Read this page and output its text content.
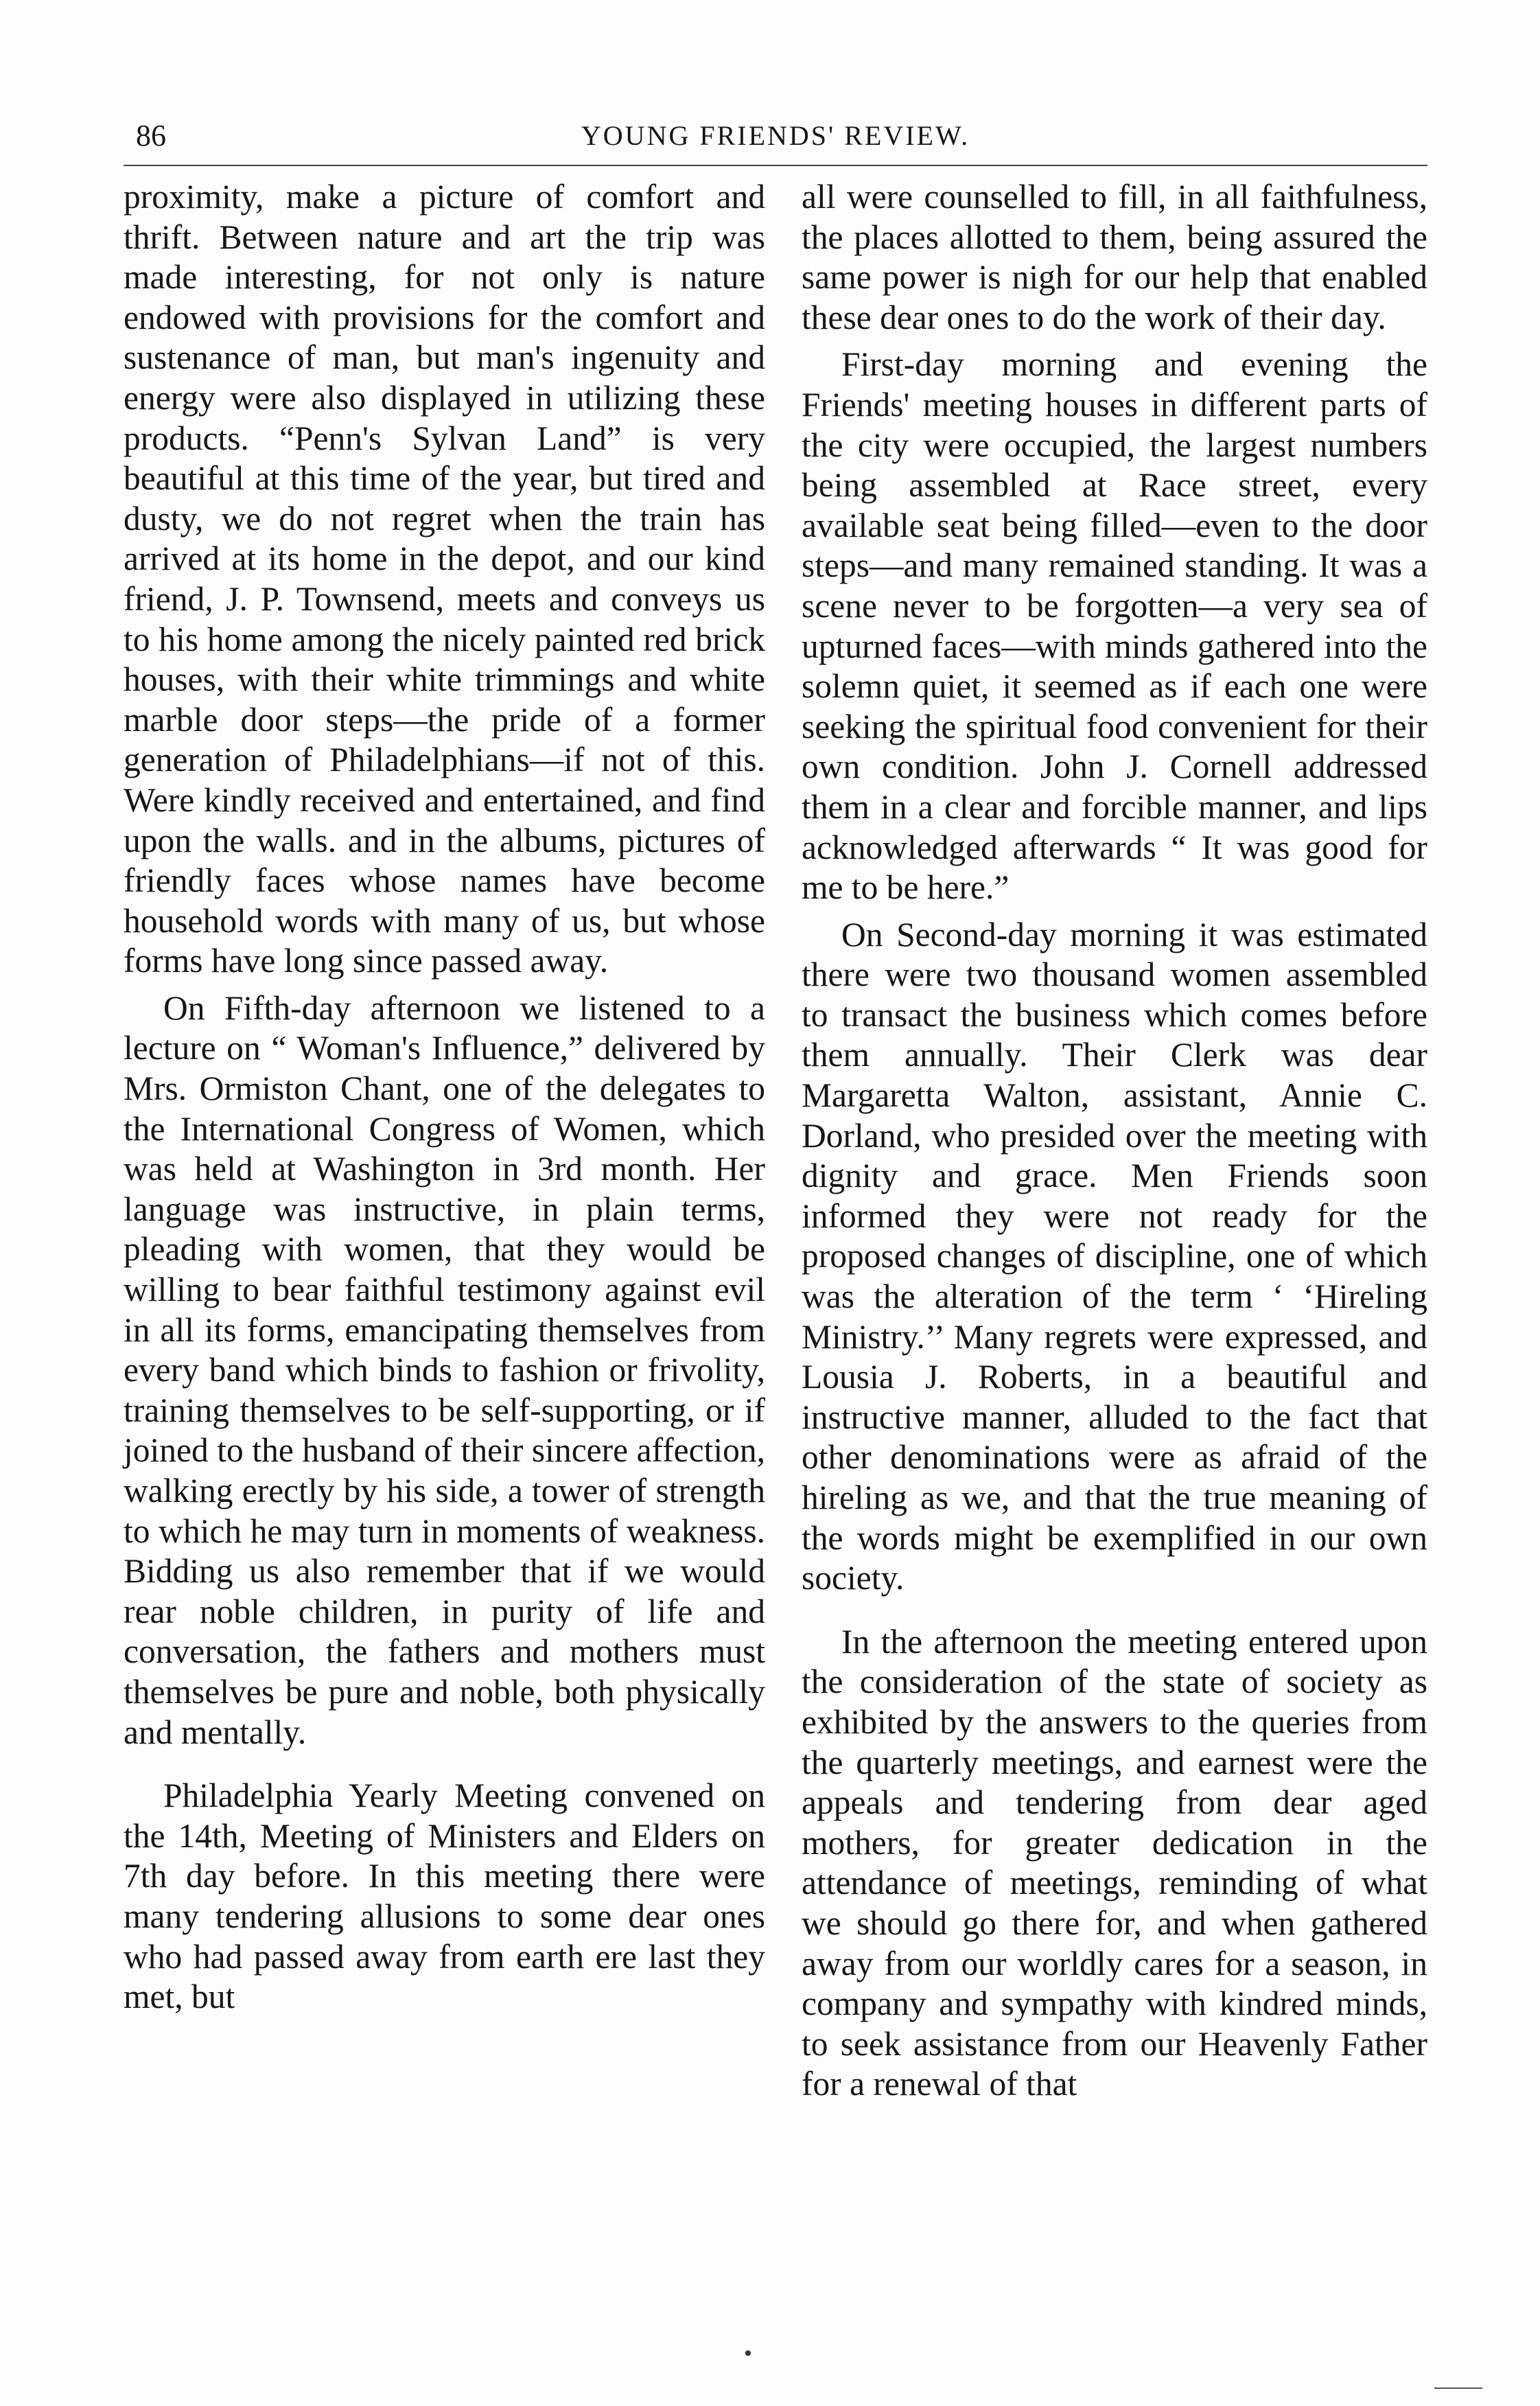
86	YOUNG FRIENDS' REVIEW.

proximity, make a picture of comfort and thrift. Between nature and art the trip was made interesting, for not only is nature endowed with provisions for the comfort and sustenance of man, but man's ingenuity and energy were also displayed in utilizing these products. “Penn's Sylvan Land” is very beautiful at this time of the year, but tired and dusty, we do not regret when the train has arrived at its home in the depot, and our kind friend, J. P. Townsend, meets and conveys us to his home among the nicely painted red brick houses, with their white trimmings and white marble door steps—the pride of a former generation of Philadelphians—if not of this. Were kindly received and entertained, and find upon the walls. and in the albums, pictures of friendly faces whose names have become household words with many of us, but whose forms have long since passed away.

On Fifth-day afternoon we listened to a lecture on “ Woman's Influence,” delivered by Mrs. Ormiston Chant, one of the delegates to the International Congress of Women, which was held at Washington in 3rd month. Her language was instructive, in plain terms, pleading with women, that they would be willing to bear faithful testimony against evil in all its forms, emancipating themselves from every band which binds to fashion or frivolity, training themselves to be self-supporting, or if joined to the husband of their sincere affection, walking erectly by his side, a tower of strength to which he may turn in moments of weakness. Bidding us also remember that if we would rear noble children, in purity of life and conversation, the fathers and mothers must themselves be pure and noble, both physically and mentally.

Philadelphia Yearly Meeting convened on the 14th, Meeting of Ministers and Elders on 7th day before. In this meeting there were many tendering allusions to some dear ones who had passed away from earth ere last they met, but

all were counselled to fill, in all faithfulness, the places allotted to them, being assured the same power is nigh for our help that enabled these dear ones to do the work of their day.

First-day morning and evening the Friends' meeting houses in different parts of the city were occupied, the largest numbers being assembled at Race street, every available seat being filled—even to the door steps—and many remained standing. It was a scene never to be forgotten—a very sea of upturned faces—with minds gathered into the solemn quiet, it seemed as if each one were seeking the spiritual food convenient for their own condition. John J. Cornell addressed them in a clear and forcible manner, and lips acknowledged afterwards “ It was good for me to be here.”

On Second-day morning it was estimated there were two thousand women assembled to transact the business which comes before them annually. Their Clerk was dear Margaretta Walton, assistant, Annie C. Dorland, who presided over the meeting with dignity and grace. Men Friends soon informed they were not ready for the proposed changes of discipline, one of which was the alteration of the term ‘ ‘Hireling Ministry.’’ Many regrets were expressed, and Lousia J. Roberts, in a beautiful and instructive manner, alluded to the fact that other denominations were as afraid of the hireling as we, and that the true meaning of the words might be exemplified in our own society.

In the afternoon the meeting entered upon the consideration of the state of society as exhibited by the answers to the queries from the quarterly meetings, and earnest were the appeals and tendering from dear aged mothers, for greater dedication in the attendance of meetings, reminding of what we should go there for, and when gathered away from our worldly cares for a season, in company and sympathy with kindred minds, to seek assistance from our Heavenly Father for a renewal of that
